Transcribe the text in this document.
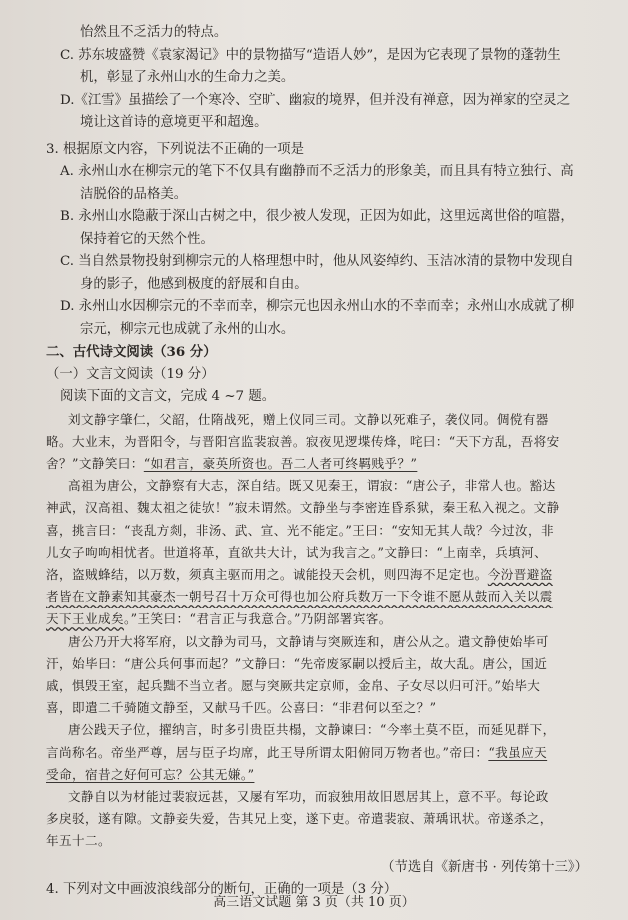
怡然且不乏活力的特点。
C. 苏东坡盛赞《袁家渴记》中的景物描写“造语人妙”，是因为它表现了景物的蓬勃生
机，彰显了永州山水的生命力之美。
D.《江雪》虽描绘了一个寒冷、空旷、幽寂的境界，但并没有禅意，因为禅家的空灵之
境让这首诗的意境更平和超逸。
3. 根据原文内容，下列说法不正确的一项是
A. 永州山水在柳宗元的笔下不仅具有幽静而不乏活力的形象美，而且具有特立独行、高
洁脱俗的品格美。
B. 永州山水隐蔽于深山古树之中，很少被人发现，正因为如此，这里远离世俗的喧嚣，
保持着它的天然个性。
C. 当自然景物投射到柳宗元的人格理想中时，他从风姿绰约、玉洁冰清的景物中发现自
身的影子，他感到极度的舒展和自由。
D. 永州山水因柳宗元的不幸而幸，柳宗元也因永州山水的不幸而幸；永州山水成就了柳
宗元，柳宗元也成就了永州的山水。
二、古代诗文阅读（36 分）
（一）文言文阅读（19 分）
阅读下面的文言文，完成 4 ~7 题。
刘文静字肇仁，父韶，仕隋战死，赠上仪同三司。文静以死难子，袭仪同。倜傥有器
略。大业末，为晋阳令，与晋阳宫监裴寂善。寂夜见逻堞传烽，咤曰：“天下方乱，吾将安
舍？”文静笑曰：“如君言，豪英所资也。吾二人者可终羁贱乎？”
高祖为唐公，文静察有大志，深自结。既又见秦王，谓寂：“唐公子，非常人也。豁达
神武，汉高祖、魏太祖之徒欤！”寂未谓然。文静坐与李密连昏系狱，秦王私入视之。文静
喜，挑言曰：“丧乱方剡，非汤、武、宣、光不能定。”王曰：“安知无其人哉？今过汝，非
儿女子呴呴相忧者。世道将革，直欲共大计，试为我言之。”文静曰：“上南幸，兵填河、
洛，盗贼蜂结，以万数，须真主驱而用之。诚能投天会机，则四海不足定也。今汾晋避盗
者皆在文静素知其豪杰一朝号召十万众可得也加公府兵数万一下令谁不愿从鼓而入关以震
天下王业成矣。”王笑曰：“君言正与我意合。”乃阴部署宾客。
唐公乃开大将军府，以文静为司马，文静请与突厥连和，唐公从之。遣文静使始毕可
汗，始毕曰：“唐公兵何事而起？”文静曰：“先帝废冢嗣以授后主，故大乱。唐公，国近
戚，惧毁王室，起兵黜不当立者。愿与突厥共定京师，金帛、子女尽以归可汗。”始毕大
喜，即遣二千骑随文静至，又献马千匹。公喜曰：“非君何以至之？”
唐公践天子位，擢纳言，时多引贵臣共榻，文静谏曰：“今率土莫不臣，而延见群下，
言尚称名。帝坐严尊，居与臣子均席，此王导所谓太阳俯同万物者也。”帝曰：“我虽应天
受命，宿昔之好何可忘？公其无嫌。”
文静自以为材能过裴寂远甚，又屡有军功，而寂独用故旧恩居其上，意不平。每论政
多戾驳，遂有隙。文静妾失爱，告其兄上变，遂下吏。帝遣裴寂、萧瑀讯状。帝遂杀之，
年五十二。
（节选自《新唐书 · 列传第十三》）
4. 下列对文中画波浪线部分的断句，正确的一项是（3 分）
高三语文试题 第 3 页（共 10 页）
